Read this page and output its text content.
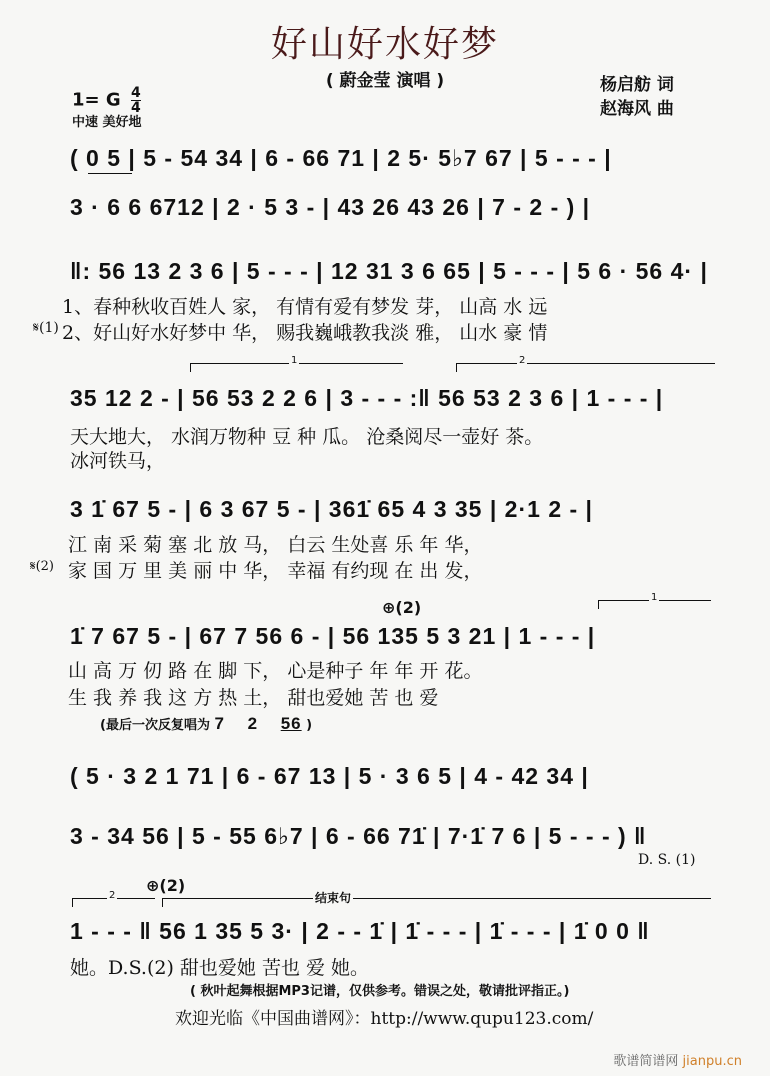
好山好水好梦
( 蔚金莹 演唱 )	杨启舫 词
赵海风 曲
1= G $\frac{4}{4}$
中速 美好地
( 0 5 | 5 - 54 34 | 6 - 66 71 | 2 5· 5♭7 67 | 5 - - - |
3 · 6 6 6712 | 2 · 5 3 - | 43 26 43 26 | 7 - 2 - ) |
‖: 56 13 2 3 6 | 5 - - - | 12 31 3 6 65 | 5 - - - | 5 6 · 56 4· |
1、春种秋收百姓人 家， 有情有爱有梦发 芽， 山高 水 远
𝄋(1) 2、好山好水好梦中 华， 赐我巍峨教我淡 雅， 山水 豪 情
1	2
35 12 2 - | 56 53 2 2 6 | 3 - - - :‖ 56 53 2 3 6 | 1 - - - |
天大地大， 水润万物种 豆 种 瓜。 沧桑阅尽一壶好 茶。
冰河铁马，
3 1̇ 67 5 - | 6 3 67 5 - | 361̇ 65 4 3 35 | 2·1 2 - |
江 南 采 菊 塞 北 放 马， 白云 生处喜 乐 年 华，
𝄋(2) 家 国 万 里 美 丽 中 华， 幸福 有约现 在 出 发，
⊕(2)
1
1̇ 7 67 5 - | 67 7 56 6 - | 56 135 5 3 21 | 1 - - - |
山 高 万 仞 路 在 脚 下， 心是种子 年 年 开 花。
生 我 养 我 这 方 热 土， 甜也爱她 苦 也 爱
(最后一次反复唱为 7 2 56 )
( 5 · 3 2 1 71 | 6 - 67 13 | 5 · 3 6 5 | 4 - 42 34 |
3 - 34 56 | 5 - 55 6♭7 | 6 - 66 71̇ | 7·1̇ 7 6 | 5 - - - ) ‖
D. S. (1)
2
⊕(2)
结束句
1 - - - ‖ 56 1 35 5 3· | 2 - - 1̇ | 1̇ - - - | 1̇ - - - | 1̇ 0 0 ‖
她。D.S.(2) 甜也爱她 苦也 爱 她。
( 秋叶起舞根据MP3记谱，仅供参考。错误之处，敬请批评指正。)
欢迎光临《中国曲谱网》：http://www.qupu123.com/
歌谱简谱网 jianpu.cn
